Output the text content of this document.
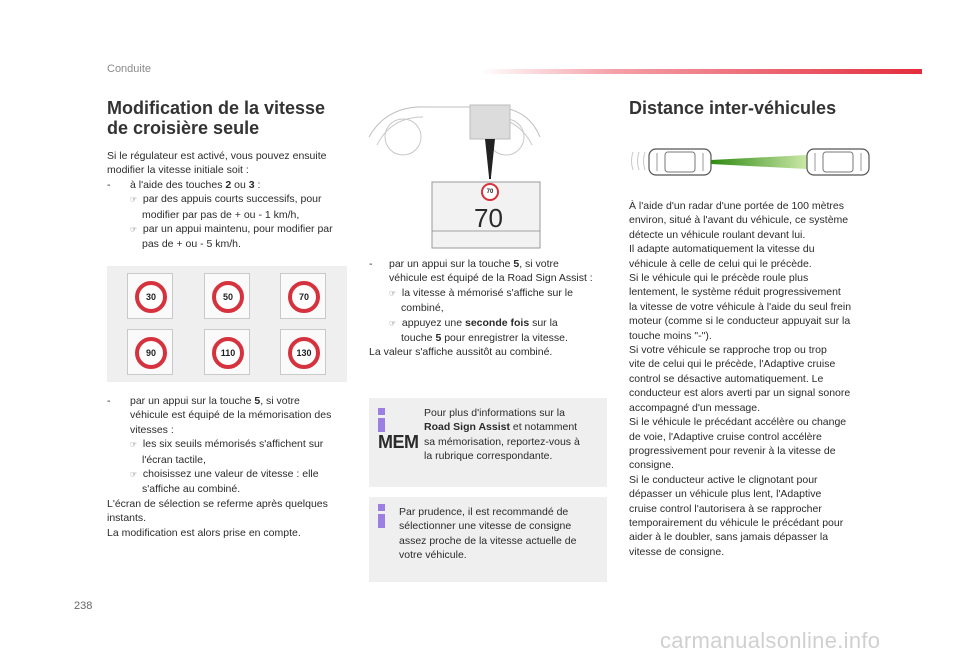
Conduite
Modification de la vitesse
de croisière seule
Si le régulateur est activé, vous pouvez ensuite
modifier la vitesse initiale soit :
- à l'aide des touches 2 ou 3 :
☞ par des appuis courts successifs, pour
modifier par pas de + ou - 1 km/h,
☞ par un appui maintenu, pour modifier par
pas de + ou - 5 km/h.
30	50	70
90	110	130
- par un appui sur la touche 5, si votre
véhicule est équipé de la mémorisation des
vitesses :
☞ les six seuils mémorisés s'affichent sur
l'écran tactile,
☞ choisissez une valeur de vitesse : elle
s'affiche au combiné.
L'écran de sélection se referme après quelques
instants.
La modification est alors prise en compte.
70
70
- par un appui sur la touche 5, si votre
véhicule est équipé de la Road Sign Assist :
☞ la vitesse à mémorisé s'affiche sur le
combiné,
☞ appuyez une seconde fois sur la
touche 5 pour enregistrer la vitesse.
La valeur s'affiche aussitôt au combiné.
MEM
Pour plus d'informations sur la
Road Sign Assist et notamment
sa mémorisation, reportez-vous à
la rubrique correspondante.
Par prudence, il est recommandé de
sélectionner une vitesse de consigne
assez proche de la vitesse actuelle de
votre véhicule.
Distance inter-véhicules
À l'aide d'un radar d'une portée de 100 mètres
environ, situé à l'avant du véhicule, ce système
détecte un véhicule roulant devant lui.
Il adapte automatiquement la vitesse du
véhicule à celle de celui qui le précède.
Si le véhicule qui le précède roule plus
lentement, le système réduit progressivement
la vitesse de votre véhicule à l'aide du seul frein
moteur (comme si le conducteur appuyait sur la
touche moins "-").
Si votre véhicule se rapproche trop ou trop
vite de celui qui le précède, l'Adaptive cruise
control se désactive automatiquement. Le
conducteur est alors averti par un signal sonore
accompagné d'un message.
Si le véhicule le précédant accélère ou change
de voie, l'Adaptive cruise control accélère
progressivement pour revenir à la vitesse de
consigne.
Si le conducteur active le clignotant pour
dépasser un véhicule plus lent, l'Adaptive
cruise control l'autorisera à se rapprocher
temporairement du véhicule le précédant pour
aider à le doubler, sans jamais dépasser la
vitesse de consigne.
238
carmanualsonline.info
